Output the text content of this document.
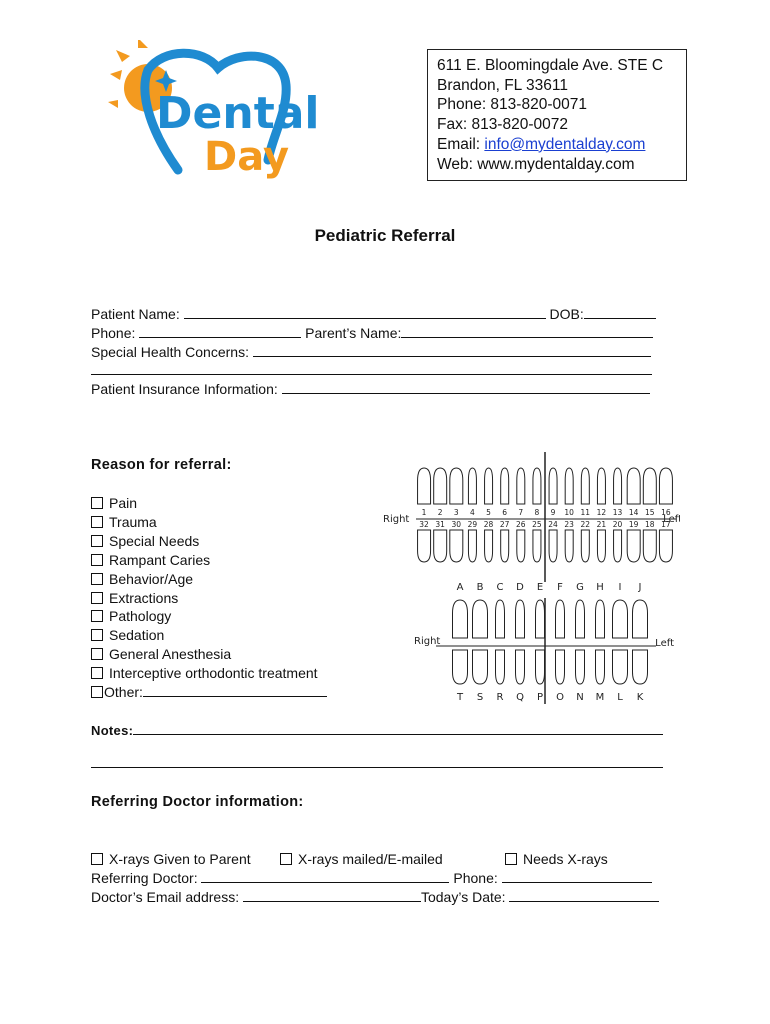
Dental
Day
611 E. Bloomingdale Ave. STE C
Brandon, FL 33611
Phone: 813-820-0071
Fax: 813-820-0072
Email: info@mydentalday.com
Web: www.mydentalday.com
Pediatric Referral
Patient Name:	DOB:
Phone:	Parent’s Name:
Special Health Concerns:
Patient Insurance Information:
Reason for referral:
Pain
Trauma
Special Needs
Rampant Caries
Behavior/Age
Extractions
Pathology
Sedation
General Anesthesia
Interceptive orthodontic treatment
Other:
Right	Lef
Right	Left
1 2 3 4 5 6 7 8 9 10 11 12 13 14 15 16
32 31 30 29 28 27 26 25 24 23 22 21 20 19 18 17
A B C D E F G H I J
T S R Q P O N M L K
Notes:
Referring Doctor information:
X-rays Given to Parent	X-rays mailed/E-mailed	Needs X-rays
Referring Doctor:	Phone:
Doctor’s Email address:	Today’s Date:
